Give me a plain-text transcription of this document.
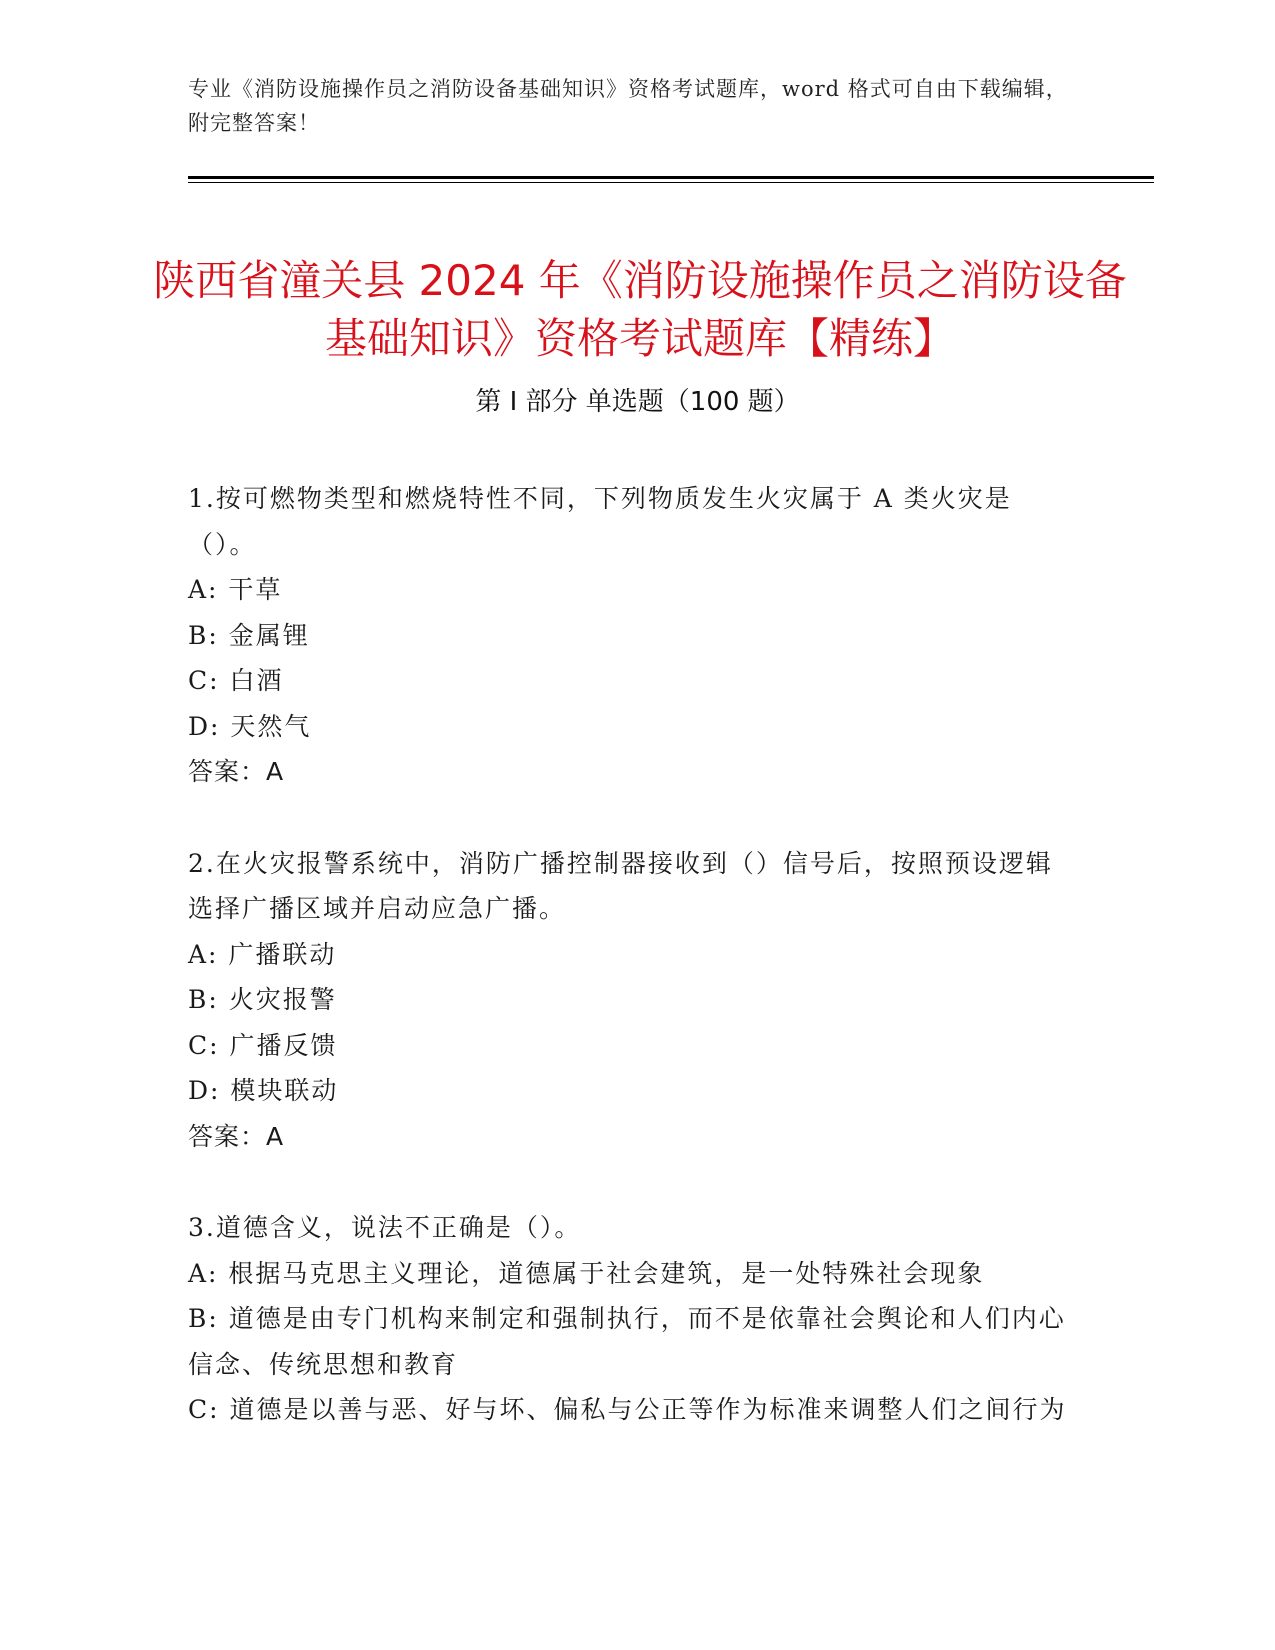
专业《消防设施操作员之消防设备基础知识》资格考试题库，word 格式可自由下载编辑，附完整答案！
陕西省潼关县 2024 年《消防设施操作员之消防设备基础知识》资格考试题库【精练】
第 I 部分 单选题（100 题）
1.按可燃物类型和燃烧特性不同，下列物质发生火灾属于 A 类火灾是（）。
A: 干草
B: 金属锂
C: 白酒
D: 天然气
答案：A
2.在火灾报警系统中，消防广播控制器接收到（）信号后，按照预设逻辑选择广播区域并启动应急广播。
A: 广播联动
B: 火灾报警
C: 广播反馈
D: 模块联动
答案：A
3.道德含义，说法不正确是（）。
A: 根据马克思主义理论，道德属于社会建筑，是一处特殊社会现象
B: 道德是由专门机构来制定和强制执行，而不是依靠社会舆论和人们内心信念、传统思想和教育
C: 道德是以善与恶、好与坏、偏私与公正等作为标准来调整人们之间行为
